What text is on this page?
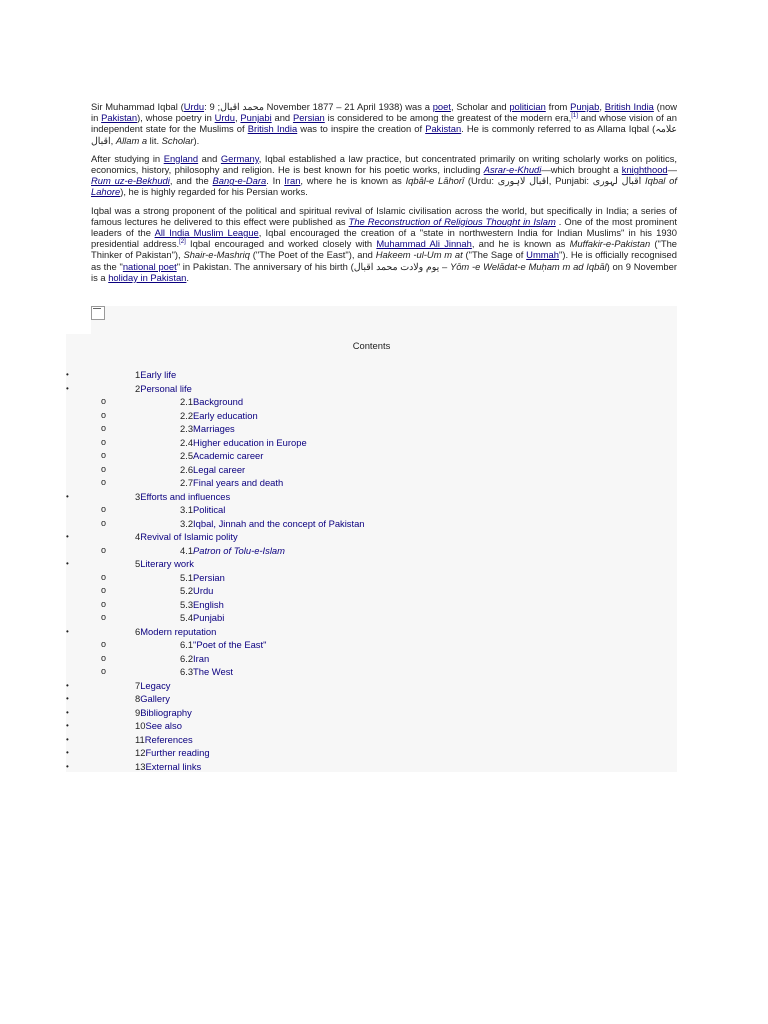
Sir Muhammad Iqbal (Urdu: محمد اقبال; 9 November 1877 – 21 April 1938) was a poet, Scholar and politician from Punjab, British India (now in Pakistan), whose poetry in Urdu, Punjabi and Persian is considered to be among the greatest of the modern era,[1] and whose vision of an independent state for the Muslims of British India was to inspire the creation of Pakistan. He is commonly referred to as Allama Iqbal (علامہ اقبال, Allam a lit. Scholar).

After studying in England and Germany, Iqbal established a law practice, but concentrated primarily on writing scholarly works on politics, economics, history, philosophy and religion. He is best known for his poetic works, including Asrar-e-Khudi—which brought a knighthood— Rum uz-e-Bekhudi, and the Bang-e-Dara. In Iran, where he is known as Iqbāl-e Lāhorī (Urdu: اقبال لاہوری, Punjabi: اقبال لہوری Iqbal of Lahore), he is highly regarded for his Persian works.

Iqbal was a strong proponent of the political and spiritual revival of Islamic civilisation across the world, but specifically in India; a series of famous lectures he delivered to this effect were published as The Reconstruction of Religious Thought in Islam . One of the most prominent leaders of the All India Muslim League, Iqbal encouraged the creation of a "state in northwestern India for Indian Muslims" in his 1930 presidential address.[2] Iqbal encouraged and worked closely with Muhammad Ali Jinnah, and he is known as Muffakir-e-Pakistan ("The Thinker of Pakistan"), Shair-e-Mashriq ("The Poet of the East"), and Hakeem -ul-Um m at ("The Sage of Ummah"). He is officially recognised as the "national poet" in Pakistan. The anniversary of his birth (یوم ولادت محمد اقبال – Yōm -e Welādat-e Muḥam m ad Iqbāl) on 9 November is a holiday in Pakistan.

Contents
•	1Early life
•	2Personal life
o	2.1Background
o	2.2Early education
o	2.3Marriages
o	2.4Higher education in Europe
o	2.5Academic career
o	2.6Legal career
o	2.7Final years and death
•	3Efforts and influences
o	3.1Political
o	3.2Iqbal, Jinnah and the concept of Pakistan
•	4Revival of Islamic polity
o	4.1Patron of Tolu-e-Islam
•	5Literary work
o	5.1Persian
o	5.2Urdu
o	5.3English
o	5.4Punjabi
•	6Modern reputation
o	6.1"Poet of the East"
o	6.2Iran
o	6.3The West
•	7Legacy
•	8Gallery
•	9Bibliography
•	10See also
•	11References
•	12Further reading
•	13External links
